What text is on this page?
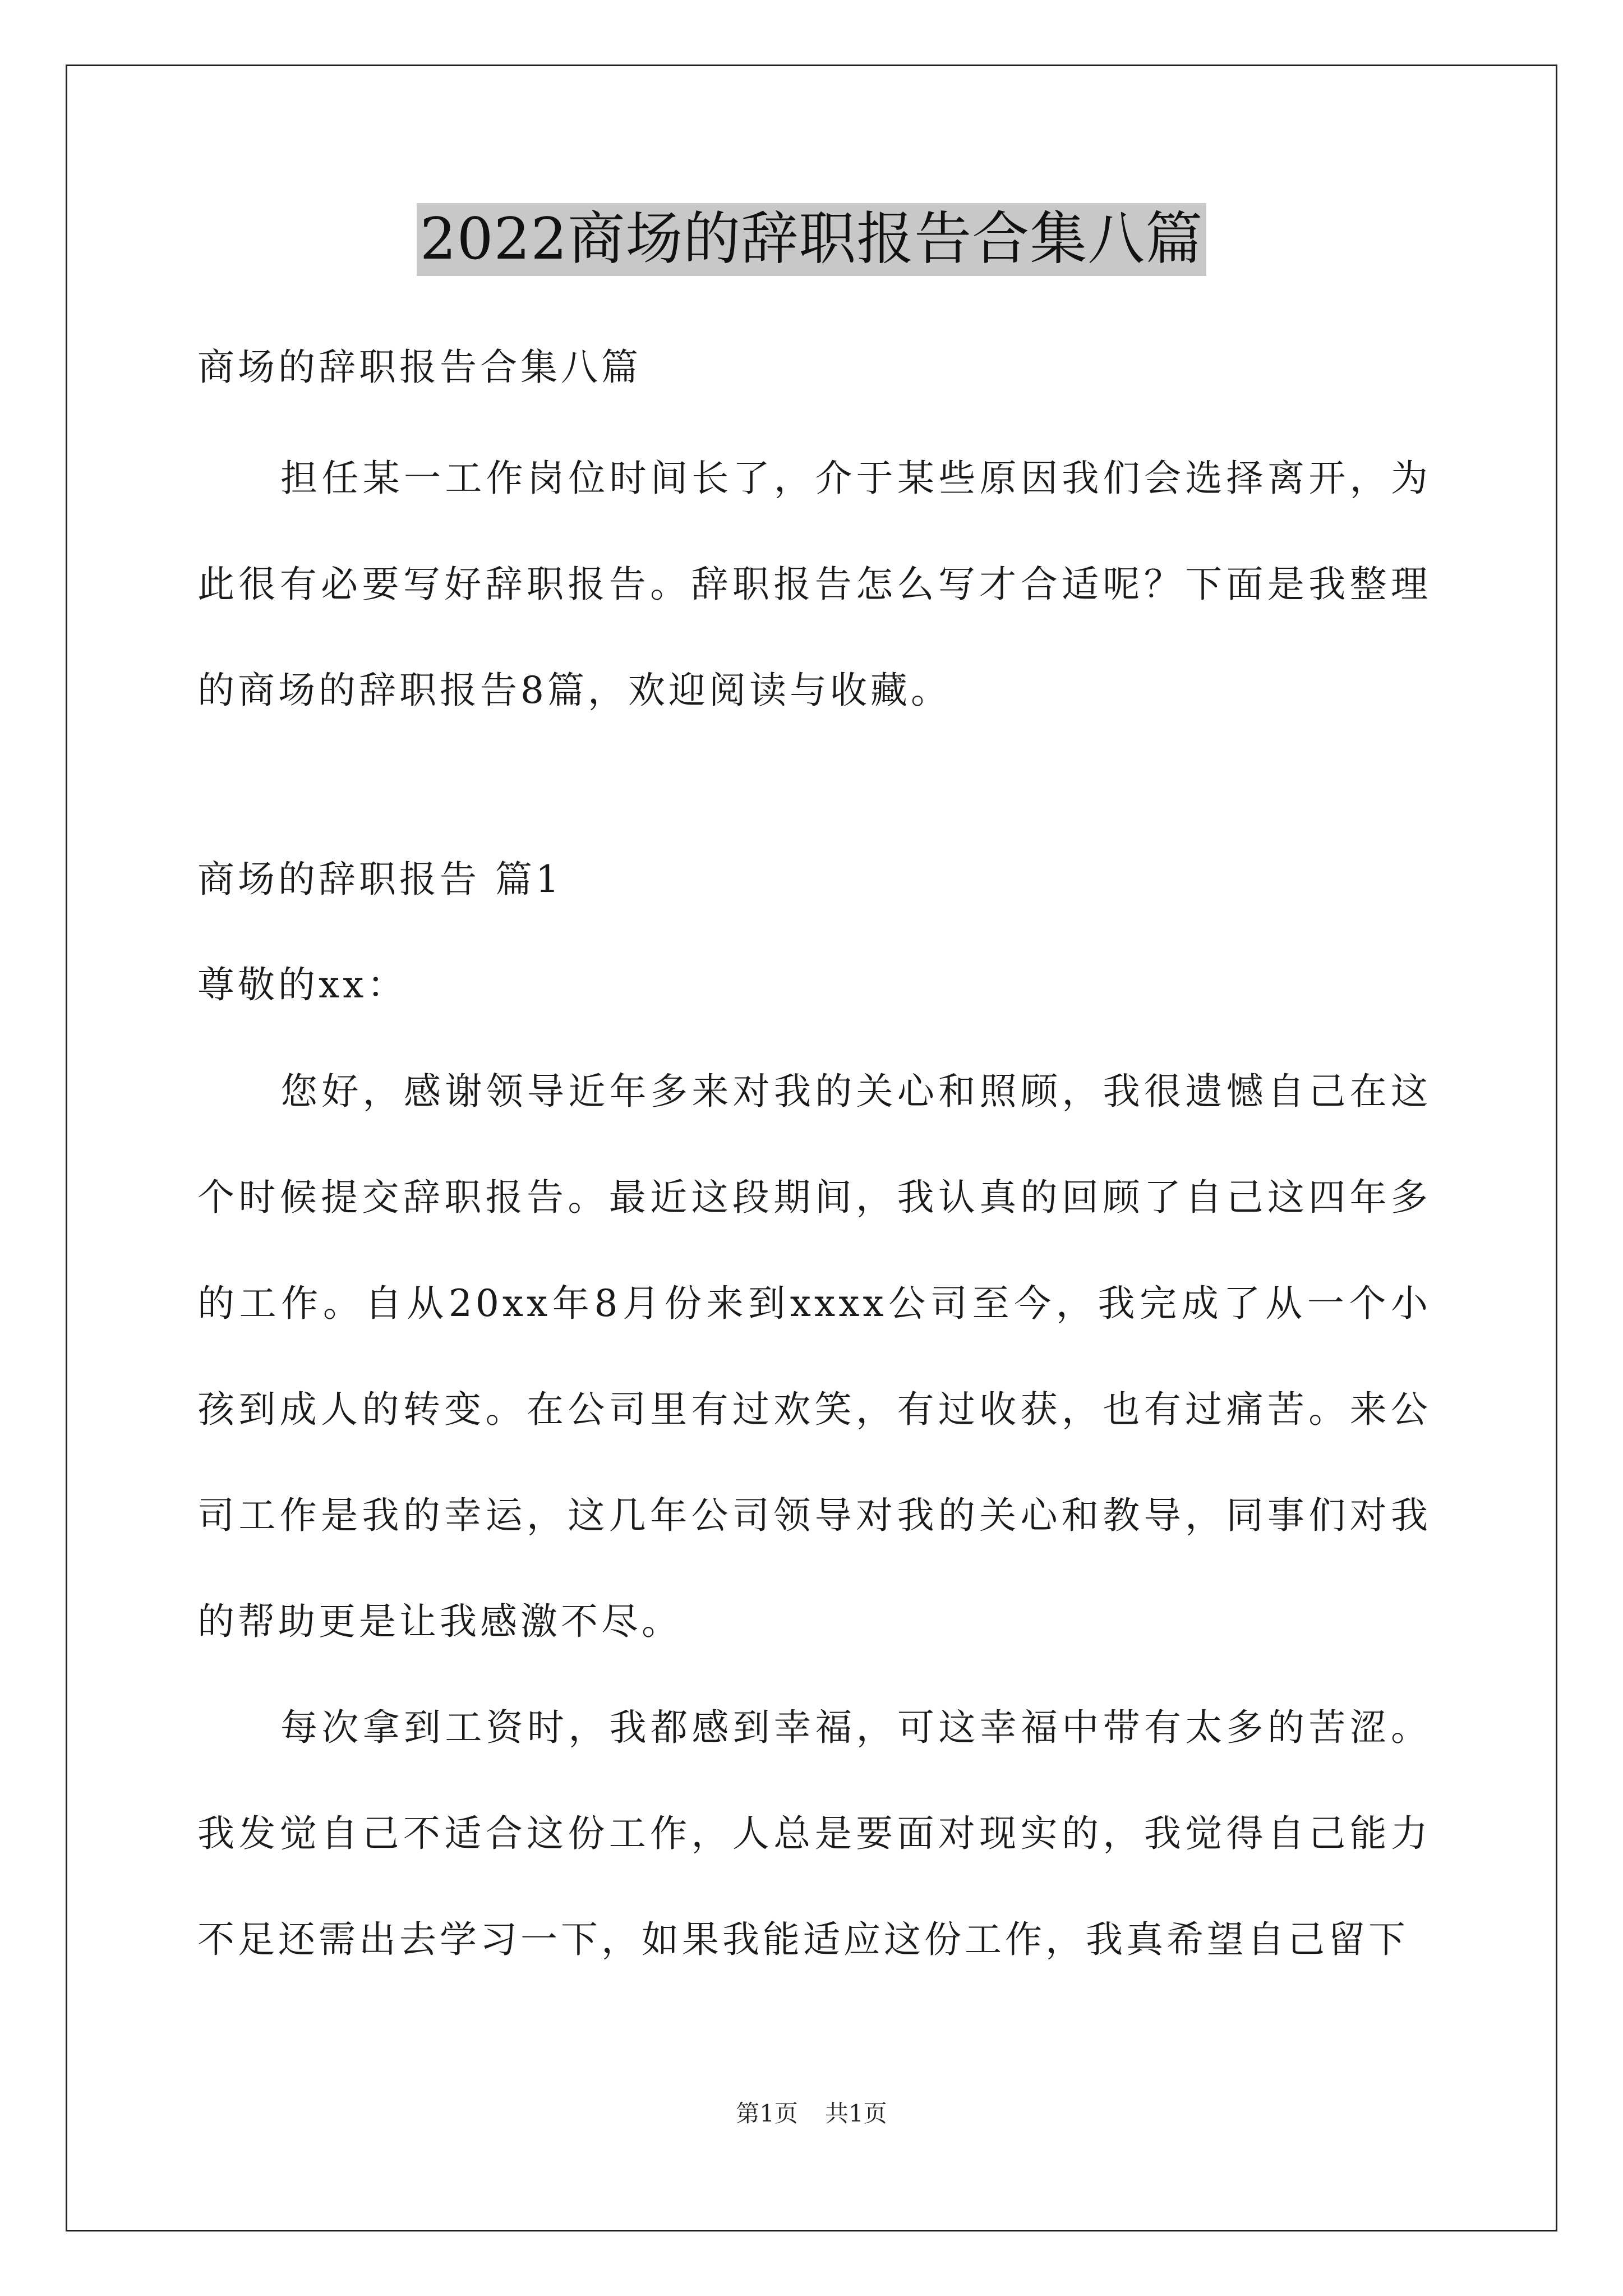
2022商场的辞职报告合集八篇

商场的辞职报告合集八篇

担任某一工作岗位时间长了，介于某些原因我们会选择离开，为此很有必要写好辞职报告。辞职报告怎么写才合适呢？下面是我整理的商场的辞职报告8篇，欢迎阅读与收藏。

商场的辞职报告 篇1

尊敬的xx：

您好，感谢领导近年多来对我的关心和照顾，我很遗憾自己在这个时候提交辞职报告。最近这段期间，我认真的回顾了自己这四年多的工作。自从20xx年8月份来到xxxx公司至今，我完成了从一个小孩到成人的转变。在公司里有过欢笑，有过收获，也有过痛苦。来公司工作是我的幸运，这几年公司领导对我的关心和教导，同事们对我的帮助更是让我感激不尽。

每次拿到工资时，我都感到幸福，可这幸福中带有太多的苦涩。我发觉自己不适合这份工作，人总是要面对现实的，我觉得自己能力不足还需出去学习一下，如果我能适应这份工作，我真希望自己留下

第1页 共1页
